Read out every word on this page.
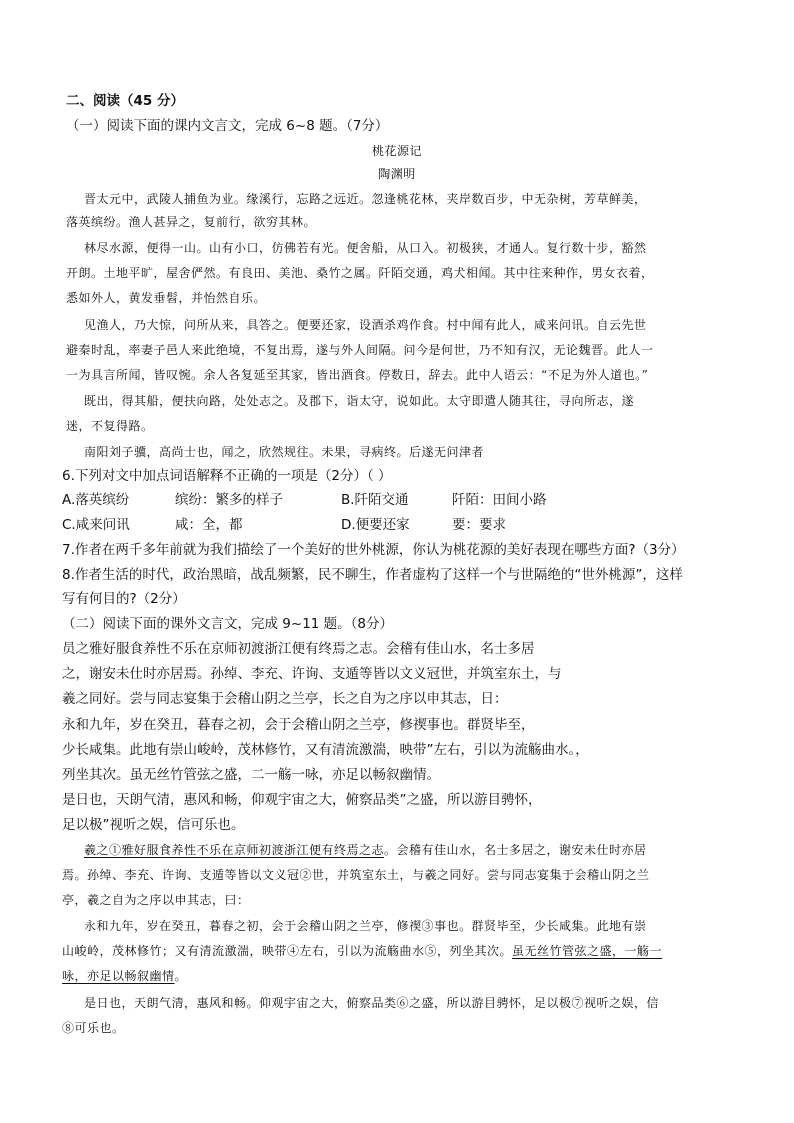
二、阅读（45 分）
（一）阅读下面的课内文言文，完成 6~8 题。（7分）
桃花源记
陶渊明
晋太元中，武陵人捕鱼为业。缘溪行，忘路之远近。忽逢桃花林，夹岸数百步，中无杂树，芳草鲜美，
落英缤纷。渔人甚异之，复前行，欲穷其林。
林尽水源，便得一山。山有小口，仿佛若有光。便舍船，从口入。初极狭，才通人。复行数十步，豁然
开朗。土地平旷，屋舍俨然。有良田、美池、桑竹之属。阡陌交通，鸡犬相闻。其中往来种作，男女衣着，
悉如外人，黄发垂髫，并怡然自乐。
见渔人，乃大惊，问所从来，具答之。便要还家，设酒杀鸡作食。村中闻有此人，咸来问讯。自云先世
避秦时乱，率妻子邑人来此绝境，不复出焉，遂与外人间隔。问今是何世，乃不知有汉，无论魏晋。此人一
一为具言所闻，皆叹惋。余人各复延至其家，皆出酒食。停数日，辞去。此中人语云：“不足为外人道也。”
既出，得其船，便扶向路，处处志之。及郡下，诣太守，说如此。太守即遣人随其往，寻向所志，遂
迷，不复得路。
南阳刘子骥，高尚士也，闻之，欣然规往。未果，寻病终。后遂无问津者
6.下列对文中加点词语解释不正确的一项是（2分）（ ）
A.落英缤纷	缤纷：繁多的样子	B.阡陌交通	阡陌：田间小路
C.咸来问讯	咸：全，都	D.便要还家	要：要求
7.作者在两千多年前就为我们描绘了一个美好的世外桃源，你认为桃花源的美好表现在哪些方面?（3分）
8.作者生活的时代，政治黑暗，战乱频繁，民不聊生，作者虚构了这样一个与世隔绝的“世外桃源”，这样
写有何目的?（2分）
（二）阅读下面的课外文言文，完成 9~11 题。（8分）
员之雅好服食养性不乐在京师初渡浙江便有终焉之志。会稽有佳山水，名士多居
之，谢安未仕时亦居焉。孙绰、李充、许询、支遁等皆以文义冠世，并筑室东土，与
羲之同好。尝与同志宴集于会稽山阴之兰亭，长之自为之序以申其志，日：
永和九年，岁在癸丑，暮春之初，会于会稽山阴之兰亭，修禊事也。群贤毕至，
少长咸集。此地有崇山峻岭，茂林修竹，又有清流激湍，映带”左右，引以为流觞曲水。，
列坐其次。虽无丝竹管弦之盛，二一觞一咏，亦足以畅叙幽情。
是日也，天朗气清，惠风和畅，仰观宇宙之大，俯察品类”之盛，所以游目骋怀，
足以极”视听之娱，信可乐也。
羲之①雅好服食养性不乐在京师初渡浙江便有终焉之志。会稽有佳山水，名士多居之，谢安未仕时亦居
焉。孙绰、李充、许询、支遁等皆以文义冠②世，并筑室东土，与羲之同好。尝与同志宴集于会稽山阴之兰
亭，羲之自为之序以申其志，曰：
永和九年，岁在癸丑，暮春之初，会于会稽山阴之兰亭，修禊③事也。群贤毕至，少长咸集。此地有崇
山峻岭，茂林修竹；又有清流激湍，映带④左右，引以为流觞曲水⑤，列坐其次。虽无丝竹管弦之盛，一觞一
咏，亦足以畅叙幽情。
是日也，天朗气清，惠风和畅。仰观宇宙之大，俯察品类⑥之盛，所以游目骋怀，足以极⑦视听之娱，信
⑧可乐也。
